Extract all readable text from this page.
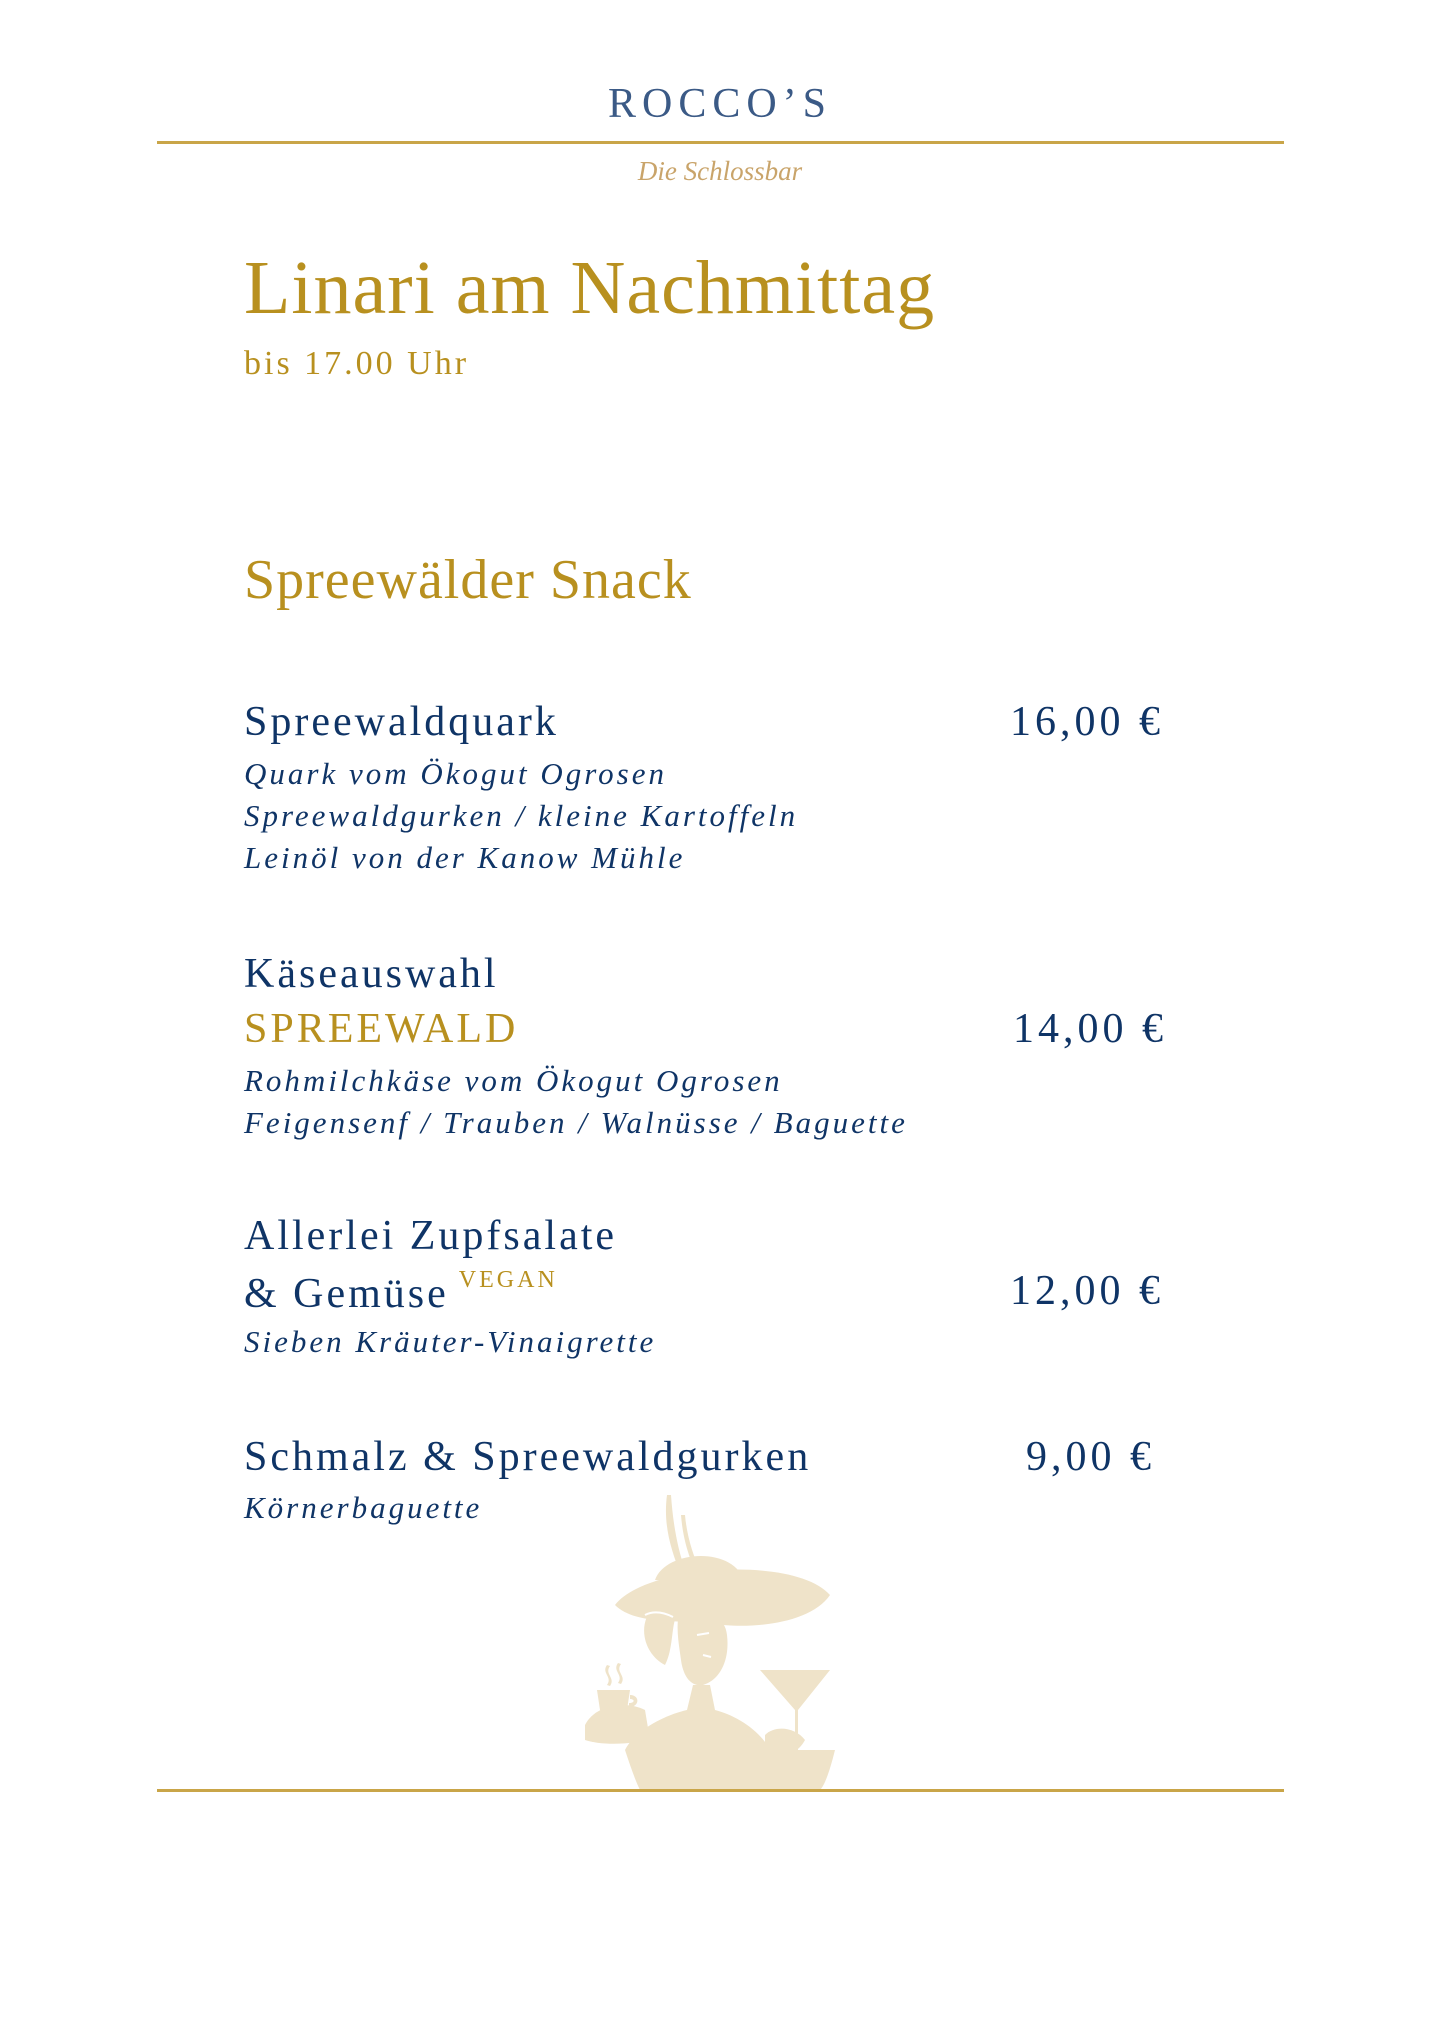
ROCCO’S
Die Schlossbar
Linari am Nachmittag
bis 17.00 Uhr
Spreewälder Snack
Spreewaldquark	16,00 €
Quark vom Ökogut Ogrosen
Spreewaldgurken / kleine Kartoffeln
Leinöl von der Kanow Mühle
Käseauswahl
SPREEWALD	14,00 €
Rohmilchkäse vom Ökogut Ogrosen
Feigensenf / Trauben / Walnüsse / Baguette
Allerlei Zupfsalate
& Gemüse $^{VEGAN}$	12,00 €
Sieben Kräuter-Vinaigrette
Schmalz & Spreewaldgurken	9,00 €
Körnerbaguette
